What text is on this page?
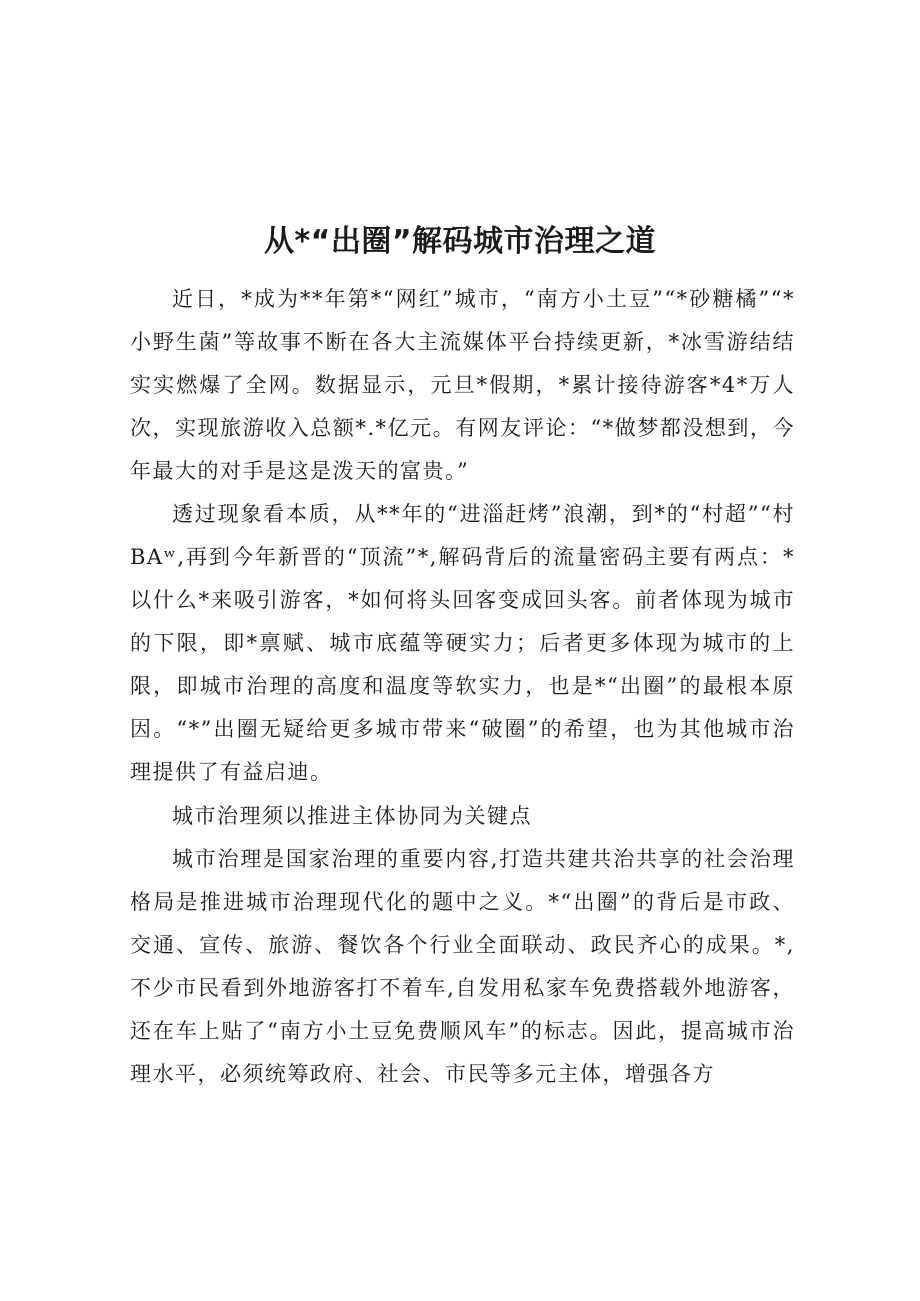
从*“出圈”解码城市治理之道

近日，*成为**年第*“网红”城市，“南方小土豆”“*砂糖橘”“*小野生菌”等故事不断在各大主流媒体平台持续更新，*冰雪游结结实实燃爆了全网。数据显示，元旦*假期，*累计接待游客*4*万人次，实现旅游收入总额*.*亿元。有网友评论：“*做梦都没想到，今年最大的对手是这是泼天的富贵。”

透过现象看本质，从**年的“进淄赶烤”浪潮，到*的“村超”“村BAʷ,再到今年新晋的“顶流”*,解码背后的流量密码主要有两点：*以什么*来吸引游客，*如何将头回客变成回头客。前者体现为城市的下限，即*禀赋、城市底蕴等硬实力；后者更多体现为城市的上限，即城市治理的高度和温度等软实力，也是*“出圈”的最根本原因。“*”出圈无疑给更多城市带来“破圈”的希望，也为其他城市治理提供了有益启迪。

城市治理须以推进主体协同为关键点

城市治理是国家治理的重要内容,打造共建共治共享的社会治理格局是推进城市治理现代化的题中之义。*“出圈”的背后是市政、交通、宣传、旅游、餐饮各个行业全面联动、政民齐心的成果。*,不少市民看到外地游客打不着车,自发用私家车免费搭载外地游客，还在车上贴了“南方小土豆免费顺风车”的标志。因此，提高城市治理水平，必须统筹政府、社会、市民等多元主体，增强各方
